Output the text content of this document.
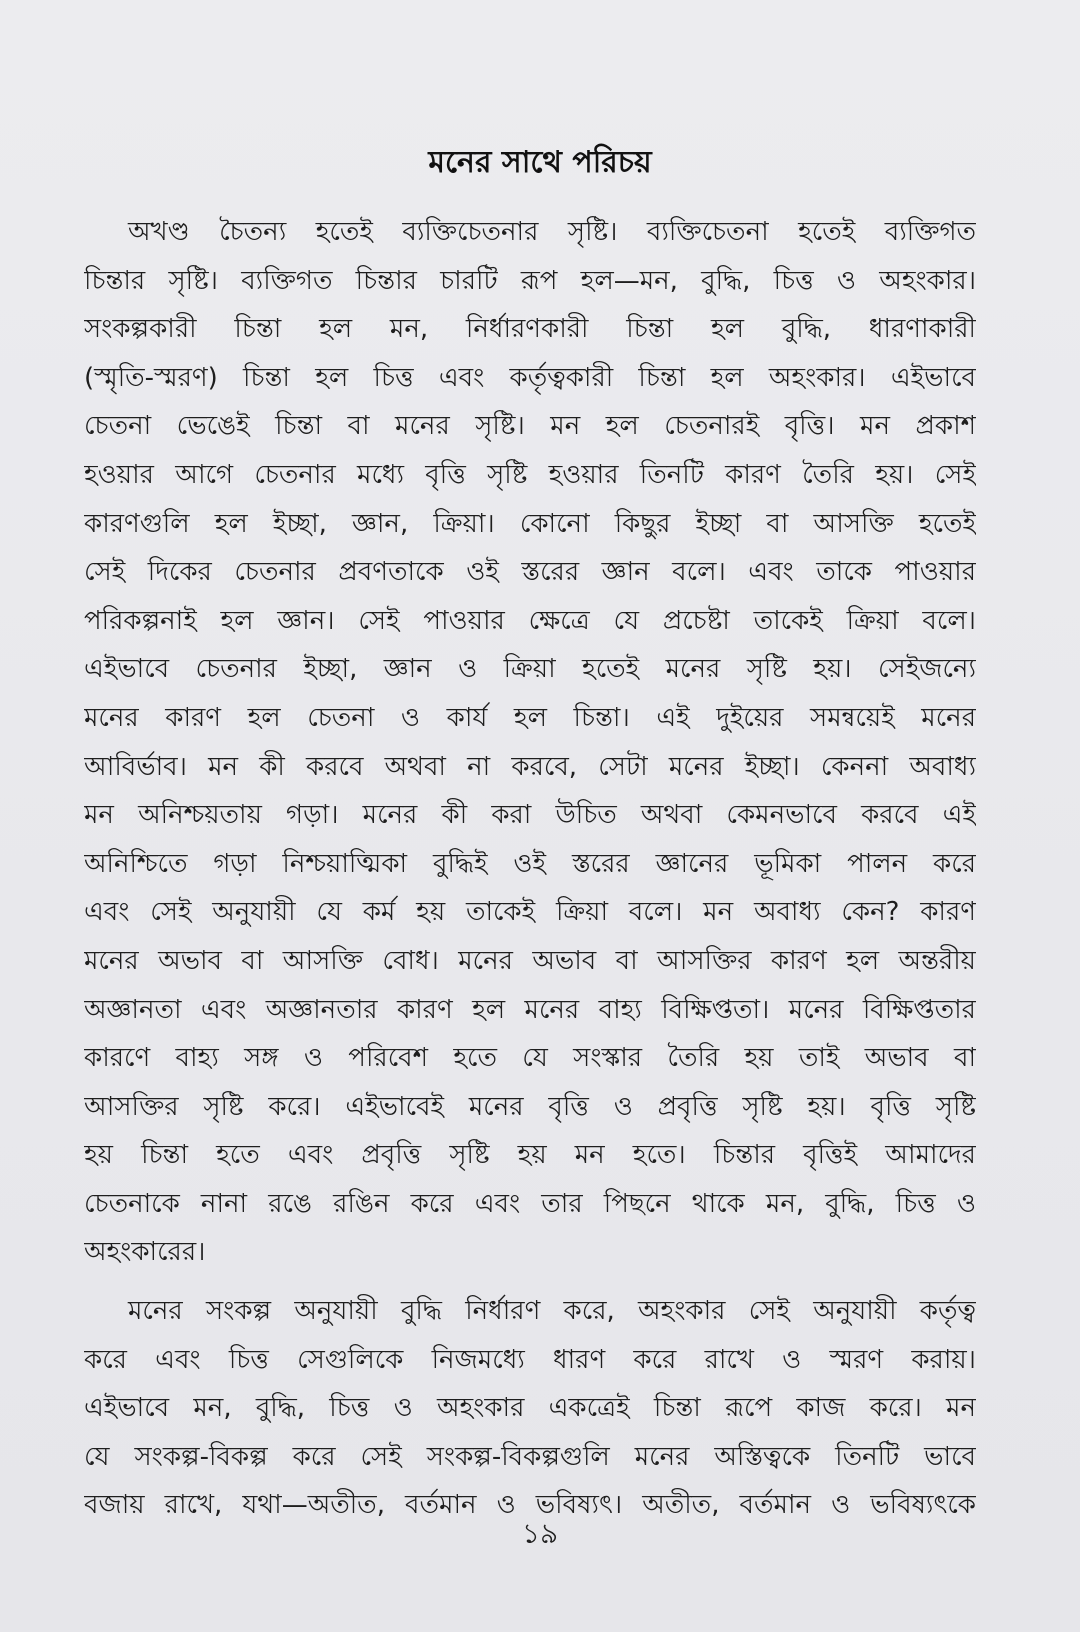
মনের সাথে পরিচয়

অখণ্ড চৈতন্য হতেই ব্যক্তিচেতনার সৃষ্টি। ব্যক্তিচেতনা হতেই ব্যক্তিগত
চিন্তার সৃষ্টি। ব্যক্তিগত চিন্তার চারটি রূপ হল—মন, বুদ্ধি, চিত্ত ও অহংকার।
সংকল্পকারী চিন্তা হল মন, নির্ধারণকারী চিন্তা হল বুদ্ধি, ধারণাকারী
(স্মৃতি-স্মরণ) চিন্তা হল চিত্ত এবং কর্তৃত্বকারী চিন্তা হল অহংকার। এইভাবে
চেতনা ভেঙেই চিন্তা বা মনের সৃষ্টি। মন হল চেতনারই বৃত্তি। মন প্রকাশ
হওয়ার আগে চেতনার মধ্যে বৃত্তি সৃষ্টি হওয়ার তিনটি কারণ তৈরি হয়। সেই
কারণগুলি হল ইচ্ছা, জ্ঞান, ক্রিয়া। কোনো কিছুর ইচ্ছা বা আসক্তি হতেই
সেই দিকের চেতনার প্রবণতাকে ওই স্তরের জ্ঞান বলে। এবং তাকে পাওয়ার
পরিকল্পনাই হল জ্ঞান। সেই পাওয়ার ক্ষেত্রে যে প্রচেষ্টা তাকেই ক্রিয়া বলে।
এইভাবে চেতনার ইচ্ছা, জ্ঞান ও ক্রিয়া হতেই মনের সৃষ্টি হয়। সেইজন্যে
মনের কারণ হল চেতনা ও কার্য হল চিন্তা। এই দুইয়ের সমন্বয়েই মনের
আবির্ভাব। মন কী করবে অথবা না করবে, সেটা মনের ইচ্ছা। কেননা অবাধ্য
মন অনিশ্চয়তায় গড়া। মনের কী করা উচিত অথবা কেমনভাবে করবে এই
অনিশ্চিতে গড়া নিশ্চয়াত্মিকা বুদ্ধিই ওই স্তরের জ্ঞানের ভূমিকা পালন করে
এবং সেই অনুযায়ী যে কর্ম হয় তাকেই ক্রিয়া বলে। মন অবাধ্য কেন? কারণ
মনের অভাব বা আসক্তি বোধ। মনের অভাব বা আসক্তির কারণ হল অন্তরীয়
অজ্ঞানতা এবং অজ্ঞানতার কারণ হল মনের বাহ্য বিক্ষিপ্ততা। মনের বিক্ষিপ্ততার
কারণে বাহ্য সঙ্গ ও পরিবেশ হতে যে সংস্কার তৈরি হয় তাই অভাব বা
আসক্তির সৃষ্টি করে। এইভাবেই মনের বৃত্তি ও প্রবৃত্তি সৃষ্টি হয়। বৃত্তি সৃষ্টি
হয় চিন্তা হতে এবং প্রবৃত্তি সৃষ্টি হয় মন হতে। চিন্তার বৃত্তিই আমাদের
চেতনাকে নানা রঙে রঙিন করে এবং তার পিছনে থাকে মন, বুদ্ধি, চিত্ত ও
অহংকারের।

মনের সংকল্প অনুযায়ী বুদ্ধি নির্ধারণ করে, অহংকার সেই অনুযায়ী কর্তৃত্ব
করে এবং চিত্ত সেগুলিকে নিজমধ্যে ধারণ করে রাখে ও স্মরণ করায়।
এইভাবে মন, বুদ্ধি, চিত্ত ও অহংকার একত্রেই চিন্তা রূপে কাজ করে। মন
যে সংকল্প-বিকল্প করে সেই সংকল্প-বিকল্পগুলি মনের অস্তিত্বকে তিনটি ভাবে
বজায় রাখে, যথা—অতীত, বর্তমান ও ভবিষ্যৎ। অতীত, বর্তমান ও ভবিষ্যৎকে

১৯
